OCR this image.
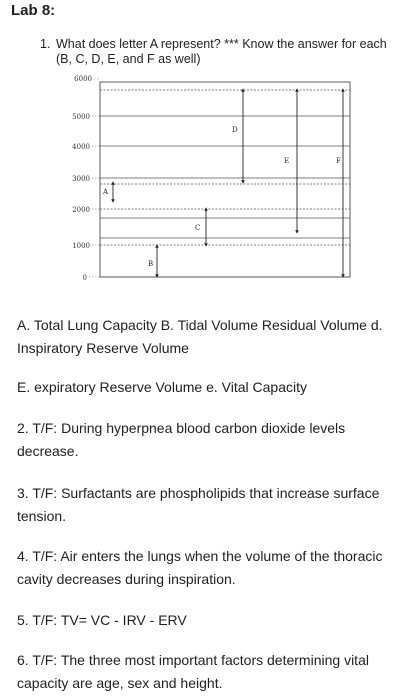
Lab 8:
1. What does letter A represent? *** Know the answer for each (B, C, D, E, and F as well)
6000
5000
4000
3000
2000
1000
0
A
B
C
D
E	F
A. Total Lung Capacity B. Tidal Volume Residual Volume d. Inspiratory Reserve Volume
E. expiratory Reserve Volume e. Vital Capacity
2. T/F: During hyperpnea blood carbon dioxide levels decrease.
3. T/F: Surfactants are phospholipids that increase surface tension.
4. T/F: Air enters the lungs when the volume of the thoracic cavity decreases during inspiration.
5. T/F: TV= VC - IRV - ERV
6. T/F: The three most important factors determining vital capacity are age, sex and height.
